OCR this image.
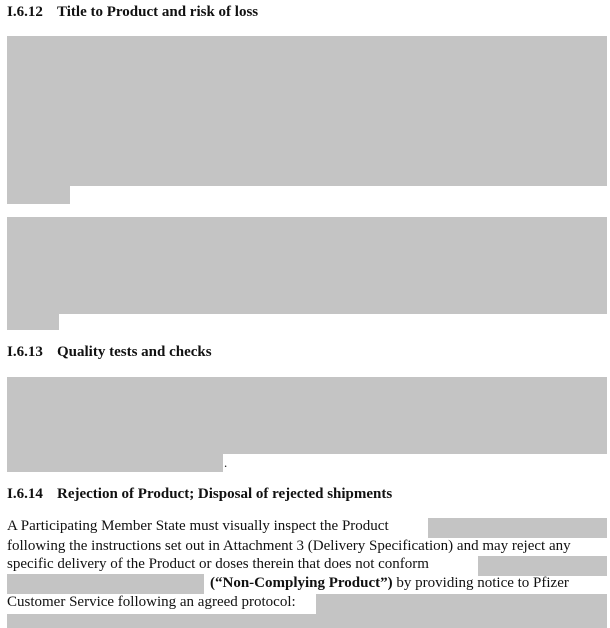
I.6.12 Title to Product and risk of loss
I.6.13 Quality tests and checks
.
I.6.14 Rejection of Product; Disposal of rejected shipments
A Participating Member State must visually inspect the Product
following the instructions set out in Attachment 3 (Delivery Specification) and may reject any
specific delivery of the Product or doses therein that does not conform
(“Non-Complying Product”) by providing notice to Pfizer
Customer Service following an agreed protocol:
